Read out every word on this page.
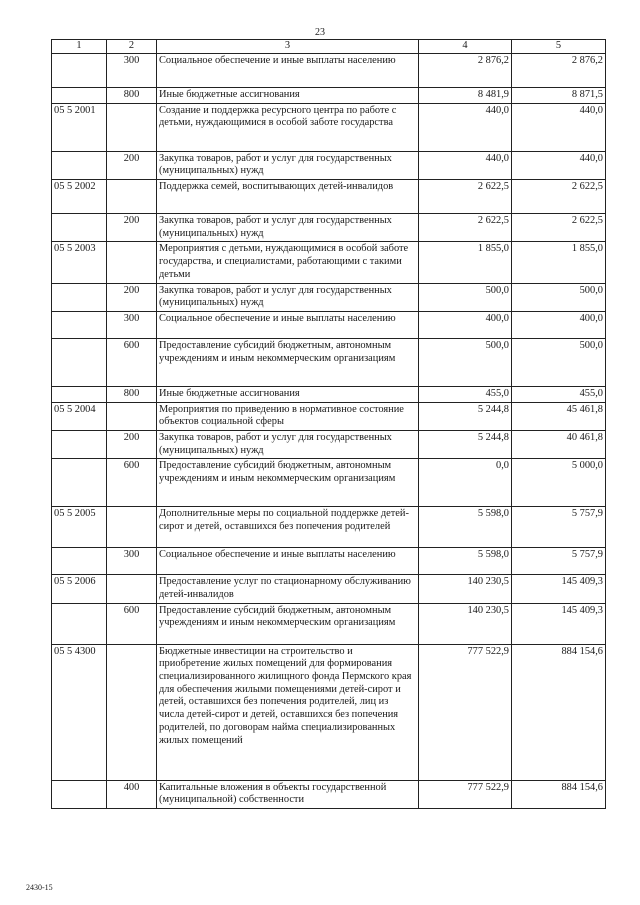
23
1	2	3	4	5
	300	Социальное обеспечение и иные выплаты населению	2 876,2	2 876,2
	800	Иные бюджетные ассигнования	8 481,9	8 871,5
05 5 2001		Создание и поддержка ресурсного центра по работе с детьми, нуждающимися в особой заботе государства	440,0	440,0
	200	Закупка товаров, работ и услуг для государственных (муниципальных) нужд	440,0	440,0
05 5 2002		Поддержка семей, воспитывающих детей-инвалидов	2 622,5	2 622,5
	200	Закупка товаров, работ и услуг для государственных (муниципальных) нужд	2 622,5	2 622,5
05 5 2003		Мероприятия с детьми, нуждающимися в особой заботе государства, и специалистами, работающими с такими детьми	1 855,0	1 855,0
	200	Закупка товаров, работ и услуг для государственных (муниципальных) нужд	500,0	500,0
	300	Социальное обеспечение и иные выплаты населению	400,0	400,0
	600	Предоставление субсидий бюджетным, автономным учреждениям и иным некоммерческим организациям	500,0	500,0
	800	Иные бюджетные ассигнования	455,0	455,0
05 5 2004		Мероприятия по приведению в нормативное состояние объектов социальной сферы	5 244,8	45 461,8
	200	Закупка товаров, работ и услуг для государственных (муниципальных) нужд	5 244,8	40 461,8
	600	Предоставление субсидий бюджетным, автономным учреждениям и иным некоммерческим организациям	0,0	5 000,0
05 5 2005		Дополнительные меры по социальной поддержке детей-сирот и детей, оставшихся без попечения родителей	5 598,0	5 757,9
	300	Социальное обеспечение и иные выплаты населению	5 598,0	5 757,9
05 5 2006		Предоставление услуг по стационарному обслуживанию детей-инвалидов	140 230,5	145 409,3
	600	Предоставление субсидий бюджетным, автономным учреждениям и иным некоммерческим организациям	140 230,5	145 409,3
05 5 4300		Бюджетные инвестиции на строительство и приобретение жилых помещений для формирования специализированного жилищного фонда Пермского края для обеспечения жилыми помещениями детей-сирот и детей, оставшихся без попечения родителей, лиц из числа детей-сирот и детей, оставшихся без попечения родителей, по договорам найма специализированных жилых помещений	777 522,9	884 154,6
	400	Капитальные вложения в объекты государственной (муниципальной) собственности	777 522,9	884 154,6
2430-15
